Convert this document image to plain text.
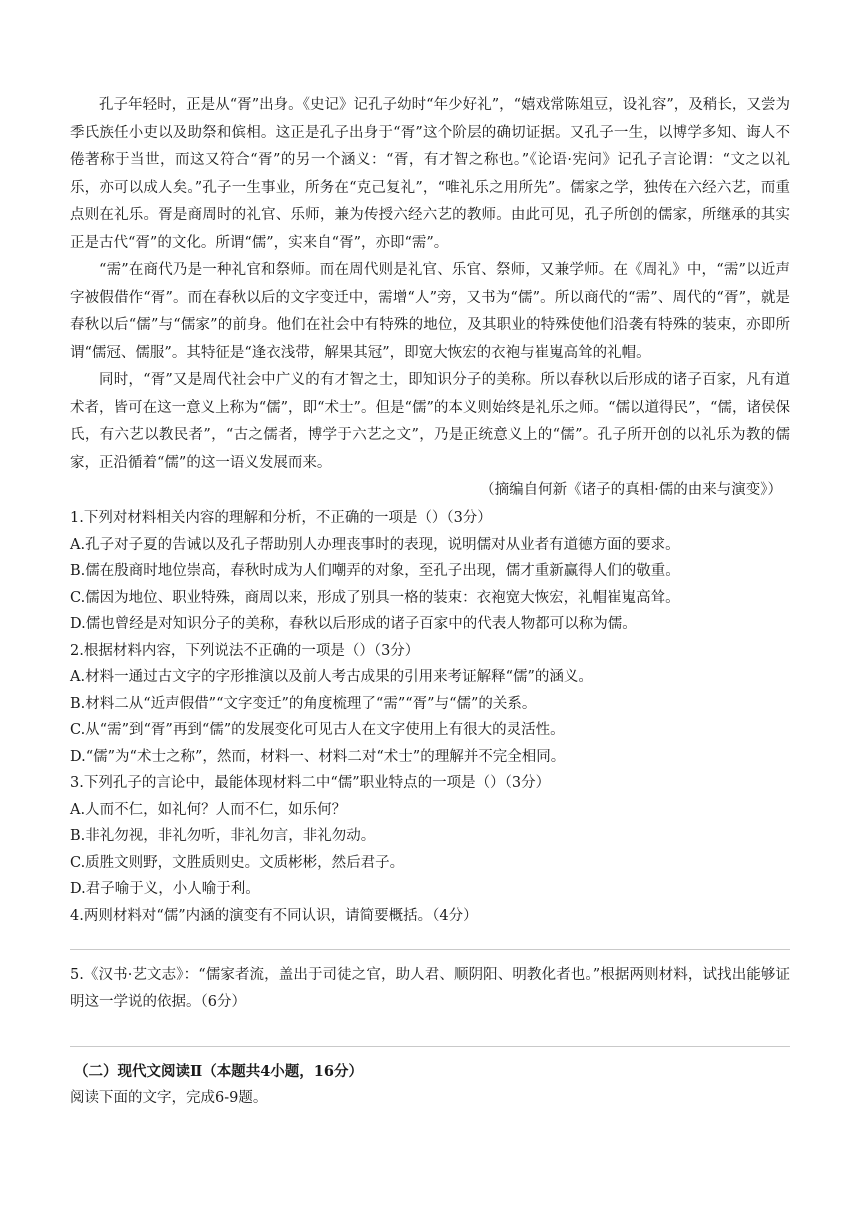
孔子年轻时，正是从“胥”出身。《史记》记孔子幼时“年少好礼”，“嬉戏常陈俎豆，设礼容”，及稍长，又尝为季氏族任小吏以及助祭和傧相。这正是孔子出身于“胥”这个阶层的确切证据。又孔子一生，以博学多知、诲人不倦著称于当世，而这又符合“胥”的另一个涵义：“胥，有才智之称也。”《论语·宪问》记孔子言论谓：“文之以礼乐，亦可以成人矣。”孔子一生事业，所务在“克己复礼”，“唯礼乐之用所先”。儒家之学，独传在六经六艺，而重点则在礼乐。胥是商周时的礼官、乐师，兼为传授六经六艺的教师。由此可见，孔子所创的儒家，所继承的其实正是古代“胥”的文化。所谓“儒”，实来自“胥”，亦即“需”。

“需”在商代乃是一种礼官和祭师。而在周代则是礼官、乐官、祭师，又兼学师。在《周礼》中，“需”以近声字被假借作“胥”。而在春秋以后的文字变迁中，需增“人”旁，又书为“儒”。所以商代的“需”、周代的“胥”，就是春秋以后“儒”与“儒家”的前身。他们在社会中有特殊的地位，及其职业的特殊使他们沿袭有特殊的装束，亦即所谓“儒冠、儒服”。其特征是“逢衣浅带，解果其冠”，即宽大恢宏的衣袍与崔嵬高耸的礼帽。

同时，“胥”又是周代社会中广义的有才智之士，即知识分子的美称。所以春秋以后形成的诸子百家，凡有道术者，皆可在这一意义上称为“儒”，即“术士”。但是“儒”的本义则始终是礼乐之师。“儒以道得民”，“儒，诸侯保氏，有六艺以教民者”，“古之儒者，博学于六艺之文”，乃是正统意义上的“儒”。孔子所开创的以礼乐为教的儒家，正沿循着“儒”的这一语义发展而来。

（摘编自何新《诸子的真相·儒的由来与演变》）

1.下列对材料相关内容的理解和分析，不正确的一项是（）（3分）

A.孔子对子夏的告诫以及孔子帮助别人办理丧事时的表现，说明儒对从业者有道德方面的要求。

B.儒在殷商时地位崇高，春秋时成为人们嘲弄的对象，至孔子出现，儒才重新赢得人们的敬重。

C.儒因为地位、职业特殊，商周以来，形成了别具一格的装束：衣袍宽大恢宏，礼帽崔嵬高耸。

D.儒也曾经是对知识分子的美称，春秋以后形成的诸子百家中的代表人物都可以称为儒。

2.根据材料内容，下列说法不正确的一项是（）（3分）

A.材料一通过古文字的字形推演以及前人考古成果的引用来考证解释“儒”的涵义。

B.材料二从“近声假借”“文字变迁”的角度梳理了“需”“胥”与“儒”的关系。

C.从“需”到“胥”再到“儒”的发展变化可见古人在文字使用上有很大的灵活性。

D.“儒”为“术士之称”，然而，材料一、材料二对“术士”的理解并不完全相同。

3.下列孔子的言论中，最能体现材料二中“儒”职业特点的一项是（）（3分）

A.人而不仁，如礼何？人而不仁，如乐何？

B.非礼勿视，非礼勿听，非礼勿言，非礼勿动。

C.质胜文则野，文胜质则史。文质彬彬，然后君子。

D.君子喻于义，小人喻于利。

4.两则材料对“儒”内涵的演变有不同认识，请简要概括。（4分）

5.《汉书·艺文志》：“儒家者流，盖出于司徒之官，助人君、顺阴阳、明教化者也。”根据两则材料，试找出能够证明这一学说的依据。（6分）

（二）现代文阅读Ⅱ（本题共4小题，16分）

阅读下面的文字，完成6-9题。
